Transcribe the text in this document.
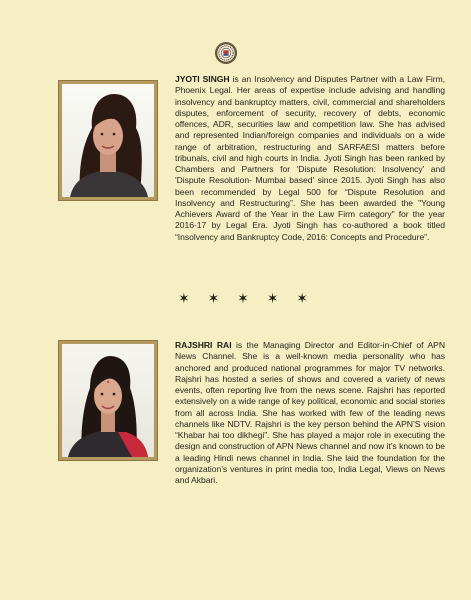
JYOTI SINGH is an Insolvency and Disputes Partner with a Law Firm, Phoenix Legal. Her areas of expertise include advising and handling insolvency and bankruptcy matters, civil, commercial and shareholders disputes, enforcement of security, recovery of debts, economic offences, ADR, securities law and competition law. She has advised and represented Indian/foreign companies and individuals on a wide range of arbitration, restructuring and SARFAESI matters before tribunals, civil and high courts in India. Jyoti Singh has been ranked by Chambers and Partners for 'Dispute Resolution: Insolvency' and 'Dispute Resolution- Mumbai based' since 2015. Jyoti Singh has also been recommended by Legal 500 for “Dispute Resolution and Insolvency and Restructuring”. She has been awarded the "Young Achievers Award of the Year in the Law Firm category" for the year 2016-17 by Legal Era. Jyoti Singh has co-authored a book titled “Insolvency and Bankruptcy Code, 2016: Concepts and Procedure”.
✶ ✶ ✶ ✶ ✶
RAJSHRI RAI is the Managing Director and Editor-in-Chief of APN News Channel. She is a well-known media personality who has anchored and produced national programmes for major TV networks. Rajshri has hosted a series of shows and covered a variety of news events, often reporting live from the news scene. Rajshri has reported extensively on a wide range of key political, economic and social stories from all across India. She has worked with few of the leading news channels like NDTV. Rajshri is the key person behind the APN’S vision “Khabar hai too dikhegi”. She has played a major role in executing the design and construction of APN News channel and now it’s known to be a leading Hindi news channel in India. She laid the foundation for the organization’s ventures in print media too, India Legal, Views on News and Akbari.
